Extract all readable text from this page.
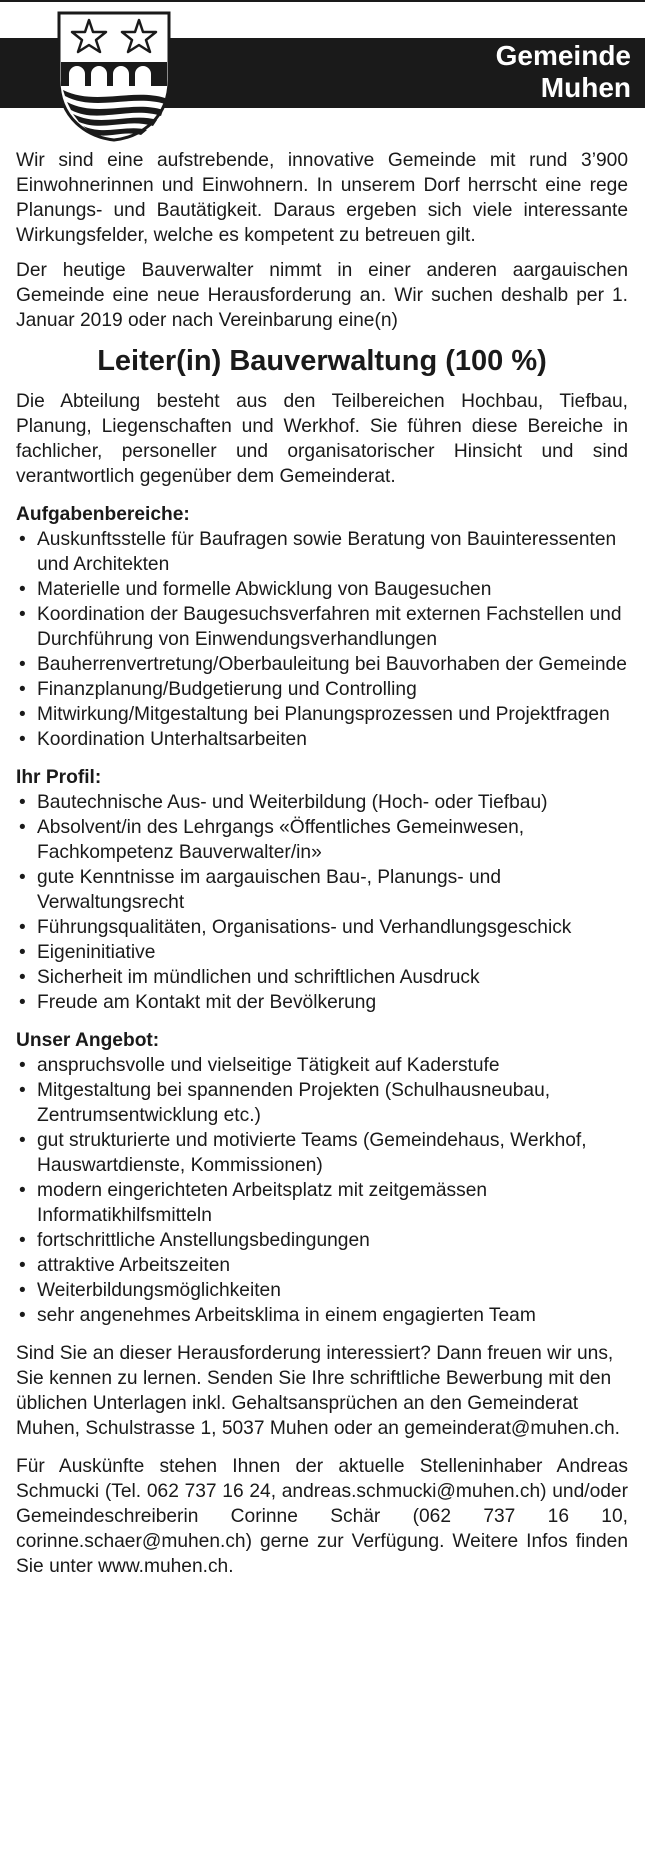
Gemeinde
Muhen

Wir sind eine aufstrebende, innovative Gemeinde mit rund 3’900 Einwohnerinnen und Einwohnern. In unserem Dorf herrscht eine rege Planungs- und Bautätigkeit. Daraus ergeben sich viele interessante Wirkungsfelder, welche es kompetent zu betreuen gilt.

Der heutige Bauverwalter nimmt in einer anderen aargauischen Gemeinde eine neue Herausforderung an. Wir suchen deshalb per 1. Januar 2019 oder nach Vereinbarung eine(n)

Leiter(in) Bauverwaltung (100 %)

Die Abteilung besteht aus den Teilbereichen Hochbau, Tiefbau, Planung, Liegenschaften und Werkhof. Sie führen diese Bereiche in fachlicher, personeller und organisatorischer Hinsicht und sind verantwortlich gegenüber dem Gemeinderat.

Aufgabenbereiche:
• Auskunftsstelle für Baufragen sowie Beratung von Bauinteressenten und Architekten
• Materielle und formelle Abwicklung von Baugesuchen
• Koordination der Baugesuchsverfahren mit externen Fachstellen und Durchführung von Einwendungsverhandlungen
• Bauherrenvertretung/Oberbauleitung bei Bauvorhaben der Gemeinde
• Finanzplanung/Budgetierung und Controlling
• Mitwirkung/Mitgestaltung bei Planungsprozessen und Projektfragen
• Koordination Unterhaltsarbeiten
Ihr Profil:
• Bautechnische Aus- und Weiterbildung (Hoch- oder Tiefbau)
• Absolvent/in des Lehrgangs «Öffentliches Gemeinwesen, Fachkompetenz Bauverwalter/in»
• gute Kenntnisse im aargauischen Bau-, Planungs- und Verwaltungsrecht
• Führungsqualitäten, Organisations- und Verhandlungsgeschick
• Eigeninitiative
• Sicherheit im mündlichen und schriftlichen Ausdruck
• Freude am Kontakt mit der Bevölkerung
Unser Angebot:
• anspruchsvolle und vielseitige Tätigkeit auf Kaderstufe
• Mitgestaltung bei spannenden Projekten (Schulhausneubau, Zentrumsentwicklung etc.)
• gut strukturierte und motivierte Teams (Gemeindehaus, Werkhof, Hauswartdienste, Kommissionen)
• modern eingerichteten Arbeitsplatz mit zeitgemässen Informatikhilfsmitteln
• fortschrittliche Anstellungsbedingungen
• attraktive Arbeitszeiten
• Weiterbildungsmöglichkeiten
• sehr angenehmes Arbeitsklima in einem engagierten Team

Sind Sie an dieser Herausforderung interessiert? Dann freuen wir uns, Sie kennen zu lernen. Senden Sie Ihre schriftliche Bewerbung mit den üblichen Unterlagen inkl. Gehaltsansprüchen an den Gemeinderat Muhen, Schulstrasse 1, 5037 Muhen oder an gemeinderat@muhen.ch.

Für Auskünfte stehen Ihnen der aktuelle Stelleninhaber Andreas Schmucki (Tel. 062 737 16 24, andreas.schmucki@muhen.ch) und/oder Gemeindeschreiberin Corinne Schär (062 737 16 10, corinne.schaer@muhen.ch) gerne zur Verfügung. Weitere Infos finden Sie unter www.muhen.ch.
